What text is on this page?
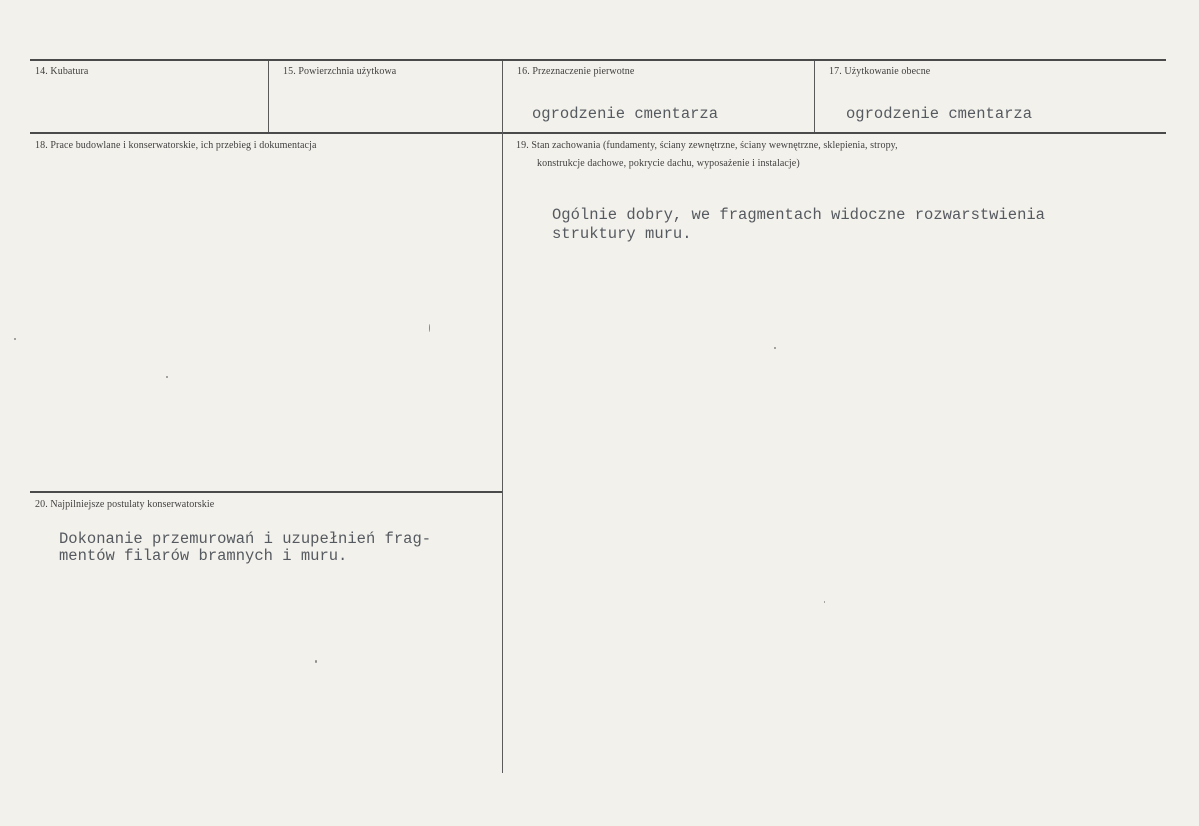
14. Kubatura	15. Powierzchnia użytkowa	16. Przeznaczenie pierwotne
ogrodzenie cmentarza
17. Użytkowanie obecne
ogrodzenie cmentarza
18. Prace budowlane i konserwatorskie, ich przebieg i dokumentacja	19. Stan zachowania (fundamenty, ściany zewnętrzne, ściany wewnętrzne, sklepienia, stropy,
konstrukcje dachowe, pokrycie dachu, wyposażenie i instalacje)
Ogólnie dobry, we fragmentach widoczne rozwarstwienia
struktury muru.
20. Najpilniejsze postulaty konserwatorskie
Dokonanie przemurowań i uzupełnień frag-
mentów filarów bramnych i muru.
